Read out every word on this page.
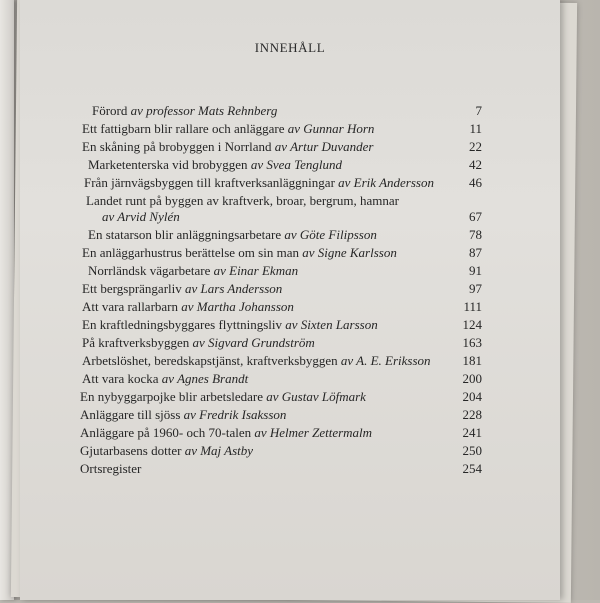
INNEHÅLL
Förord av professor Mats Rehnberg	7
Ett fattigbarn blir rallare och anläggare av Gunnar Horn	11
En skåning på brobyggen i Norrland av Artur Duvander	22
Marketenterska vid brobyggen av Svea Tenglund	42
Från järnvägsbyggen till kraftverksanläggningar av Erik Andersson	46
Landet runt på byggen av kraftverk, broar, bergrum, hamnar
av Arvid Nylén	67
En statarson blir anläggningsarbetare av Göte Filipsson	78
En anläggarhustrus berättelse om sin man av Signe Karlsson	87
Norrländsk vägarbetare av Einar Ekman	91
Ett bergsprängarliv av Lars Andersson	97
Att vara rallarbarn av Martha Johansson	111
En kraftledningsbyggares flyttningsliv av Sixten Larsson	124
På kraftverksbyggen av Sigvard Grundström	163
Arbetslöshet, beredskapstjänst, kraftverksbyggen av A. E. Eriksson	181
Att vara kocka av Agnes Brandt	200
En nybyggarpojke blir arbetsledare av Gustav Löfmark	204
Anläggare till sjöss av Fredrik Isaksson	228
Anläggare på 1960- och 70-talen av Helmer Zettermalm	241
Gjutarbasens dotter av Maj Astby	250
Ortsregister	254
